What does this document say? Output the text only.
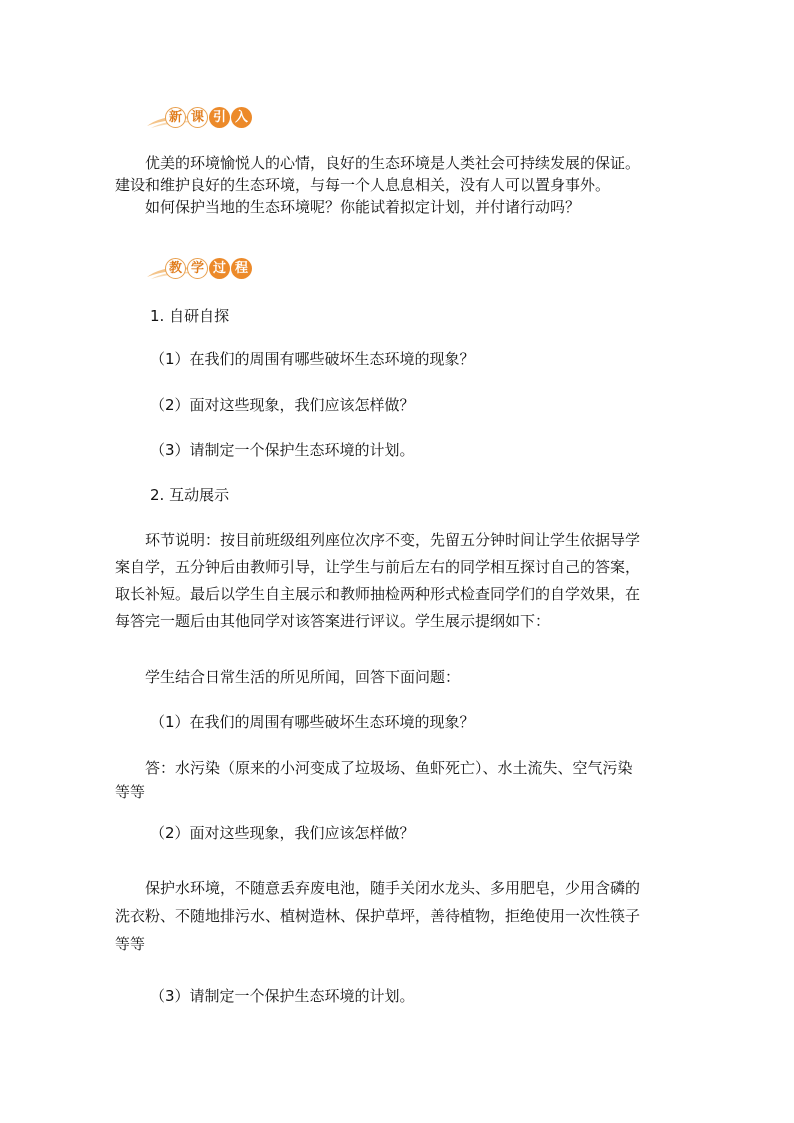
新 课 引 入

优美的环境愉悦人的心情，良好的生态环境是人类社会可持续发展的保证。
建设和维护良好的生态环境，与每一个人息息相关，没有人可以置身事外。
如何保护当地的生态环境呢？你能试着拟定计划，并付诸行动吗？

教 学 过 程

1. 自研自探

（1）在我们的周围有哪些破坏生态环境的现象？

（2）面对这些现象，我们应该怎样做？

（3）请制定一个保护生态环境的计划。

2. 互动展示

环节说明：按目前班级组列座位次序不变，先留五分钟时间让学生依据导学
案自学，五分钟后由教师引导，让学生与前后左右的同学相互探讨自己的答案，
取长补短。最后以学生自主展示和教师抽检两种形式检查同学们的自学效果，在
每答完一题后由其他同学对该答案进行评议。学生展示提纲如下：

学生结合日常生活的所见所闻，回答下面问题：

（1）在我们的周围有哪些破坏生态环境的现象？

答：水污染（原来的小河变成了垃圾场、鱼虾死亡）、水土流失、空气污染
等等

（2）面对这些现象，我们应该怎样做？

保护水环境，不随意丢弃废电池，随手关闭水龙头、多用肥皂，少用含磷的
洗衣粉、不随地排污水、植树造林、保护草坪，善待植物，拒绝使用一次性筷子
等等

（3）请制定一个保护生态环境的计划。
